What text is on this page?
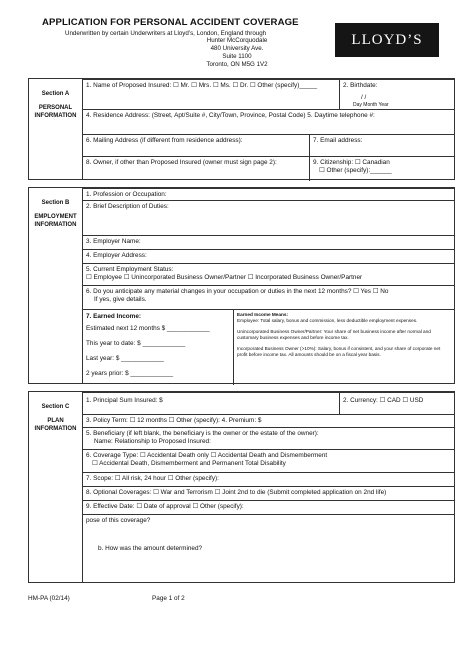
APPLICATION FOR PERSONAL ACCIDENT COVERAGE
Underwritten by certain Underwriters at Lloyd’s, London, England through
Hunter McCorquodale
480 University Ave.
Suite 1100
Toronto, ON M5G 1V2
LLOYD’S
Section A
PERSONAL INFORMATION
1. Name of Proposed Insured: ☐ Mr. ☐ Mrs. ☐ Ms. ☐ Dr. ☐ Other (specify)_____	2. Birthdate:
/ /
Day Month Year
4. Residence Address: (Street, Apt/Suite #, City/Town, Province, Postal Code) 5. Daytime telephone #:
6. Mailing Address (if different from residence address):	7. Email address:
8. Owner, if other than Proposed Insured (owner must sign page 2):	9. Citizenship: ☐ Canadian
☐ Other (specify):______
Section B
EMPLOYMENT INFORMATION
1. Profession or Occupation:
2. Brief Description of Duties:
3. Employer Name:
4. Employer Address:
5. Current Employment Status:
☐ Employee ☐ Unincorporated Business Owner/Partner ☐ Incorporated Business Owner/Partner
6. Do you anticipate any material changes in your occupation or duties in the next 12 months? ☐ Yes ☐ No
If yes, give details.
7. Earned Income:
Estimated next 12 months $ ____________
This year to date: $ ____________
Last year: $ ____________
2 years prior: $ ____________
Earned Income Means:
Employee: Total salary, bonus and commission, less deductible employment expenses.
Unincorporated Business Owner/Partner: Your share of net business income after normal and customary business expenses and before income tax.
Incorporated Business Owner (>10%): Salary, bonus if consistent, and your share of corporate net profit before income tax. All amounts should be on a fiscal year basis.
Section C
PLAN INFORMATION
1. Principal Sum Insured: $	2. Currency: ☐ CAD ☐ USD
3. Policy Term: ☐ 12 months ☐ Other (specify): 4. Premium: $
5. Beneficiary (if left blank, the beneficiary is the owner or the estate of the owner):
Name: Relationship to Proposed Insured:
6. Coverage Type: ☐ Accidental Death only ☐ Accidental Death and Dismemberment
☐ Accidental Death, Dismemberment and Permanent Total Disability
7. Scope: ☐ All risk, 24 hour ☐ Other (specify):
8. Optional Coverages: ☐ War and Terrorism ☐ Joint 2nd to die (Submit completed application on 2nd life)
9. Effective Date: ☐ Date of approval ☐ Other (specify):
pose of this coverage?
b. How was the amount determined?
HM-PA (02/14)	Page 1 of 2
